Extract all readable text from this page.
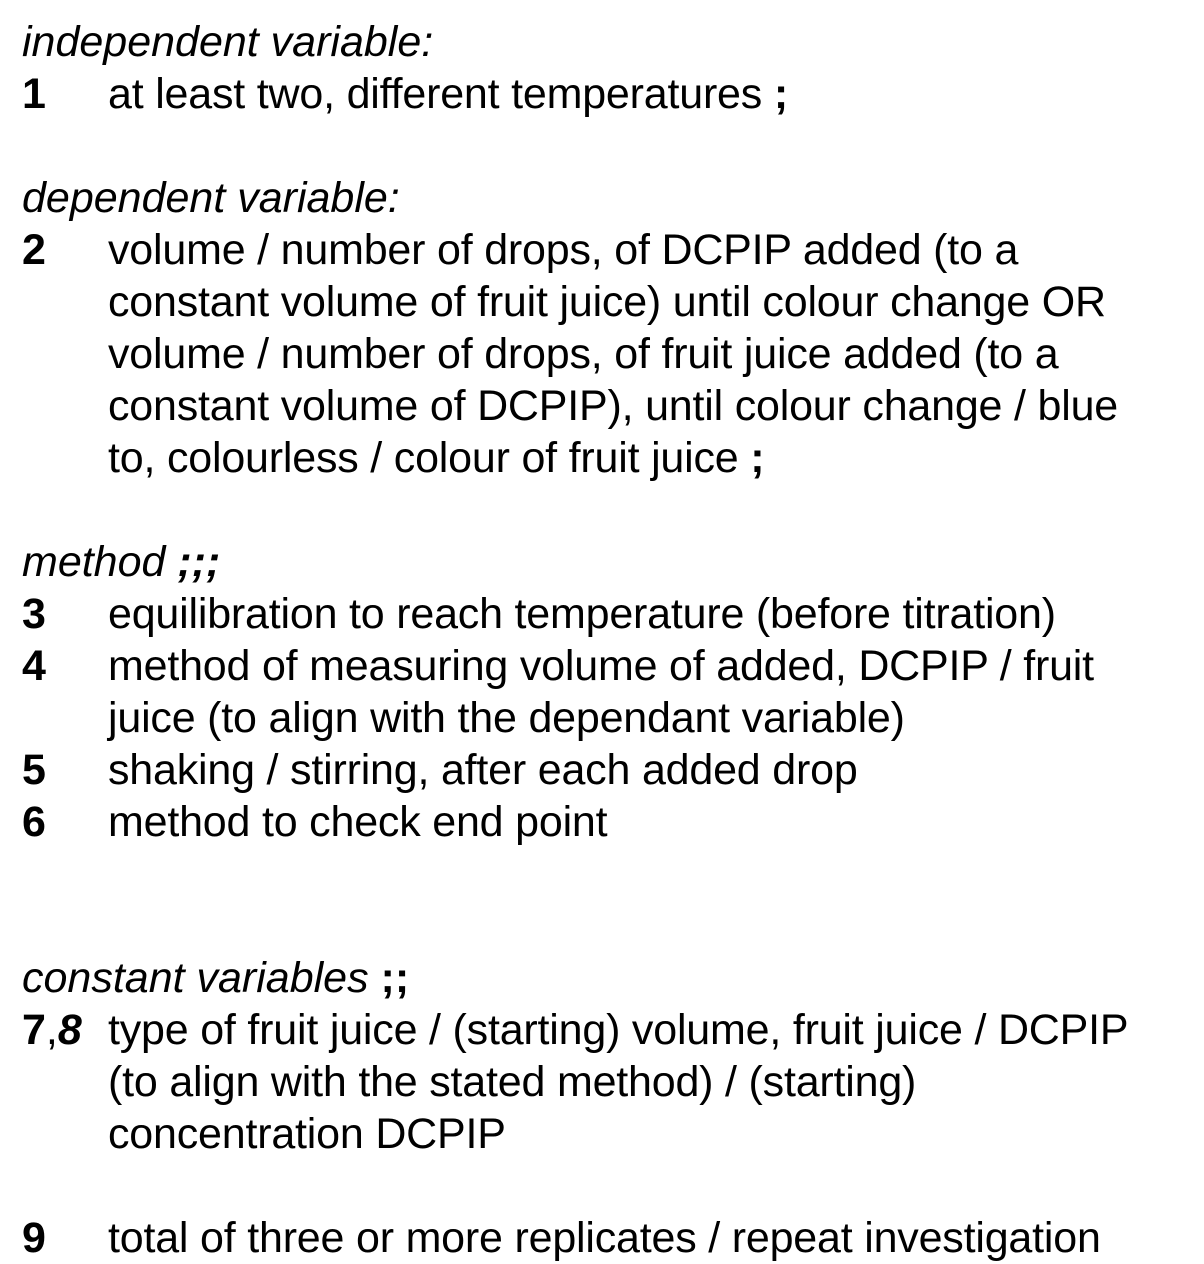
independent variable:
1	at least two, different temperatures ;
dependent variable:
2	volume / number of drops, of DCPIP added (to a
constant volume of fruit juice) until colour change OR
volume / number of drops, of fruit juice added (to a
constant volume of DCPIP), until colour change / blue
to, colourless / colour of fruit juice ;
method ;;;
3	equilibration to reach temperature (before titration)
4	method of measuring volume of added, DCPIP / fruit
juice (to align with the dependant variable)
5	shaking / stirring, after each added drop
6	method to check end point
constant variables ;;
7,8 type of fruit juice / (starting) volume, fruit juice / DCPIP
(to align with the stated method) / (starting)
concentration DCPIP
9	total of three or more replicates / repeat investigation
